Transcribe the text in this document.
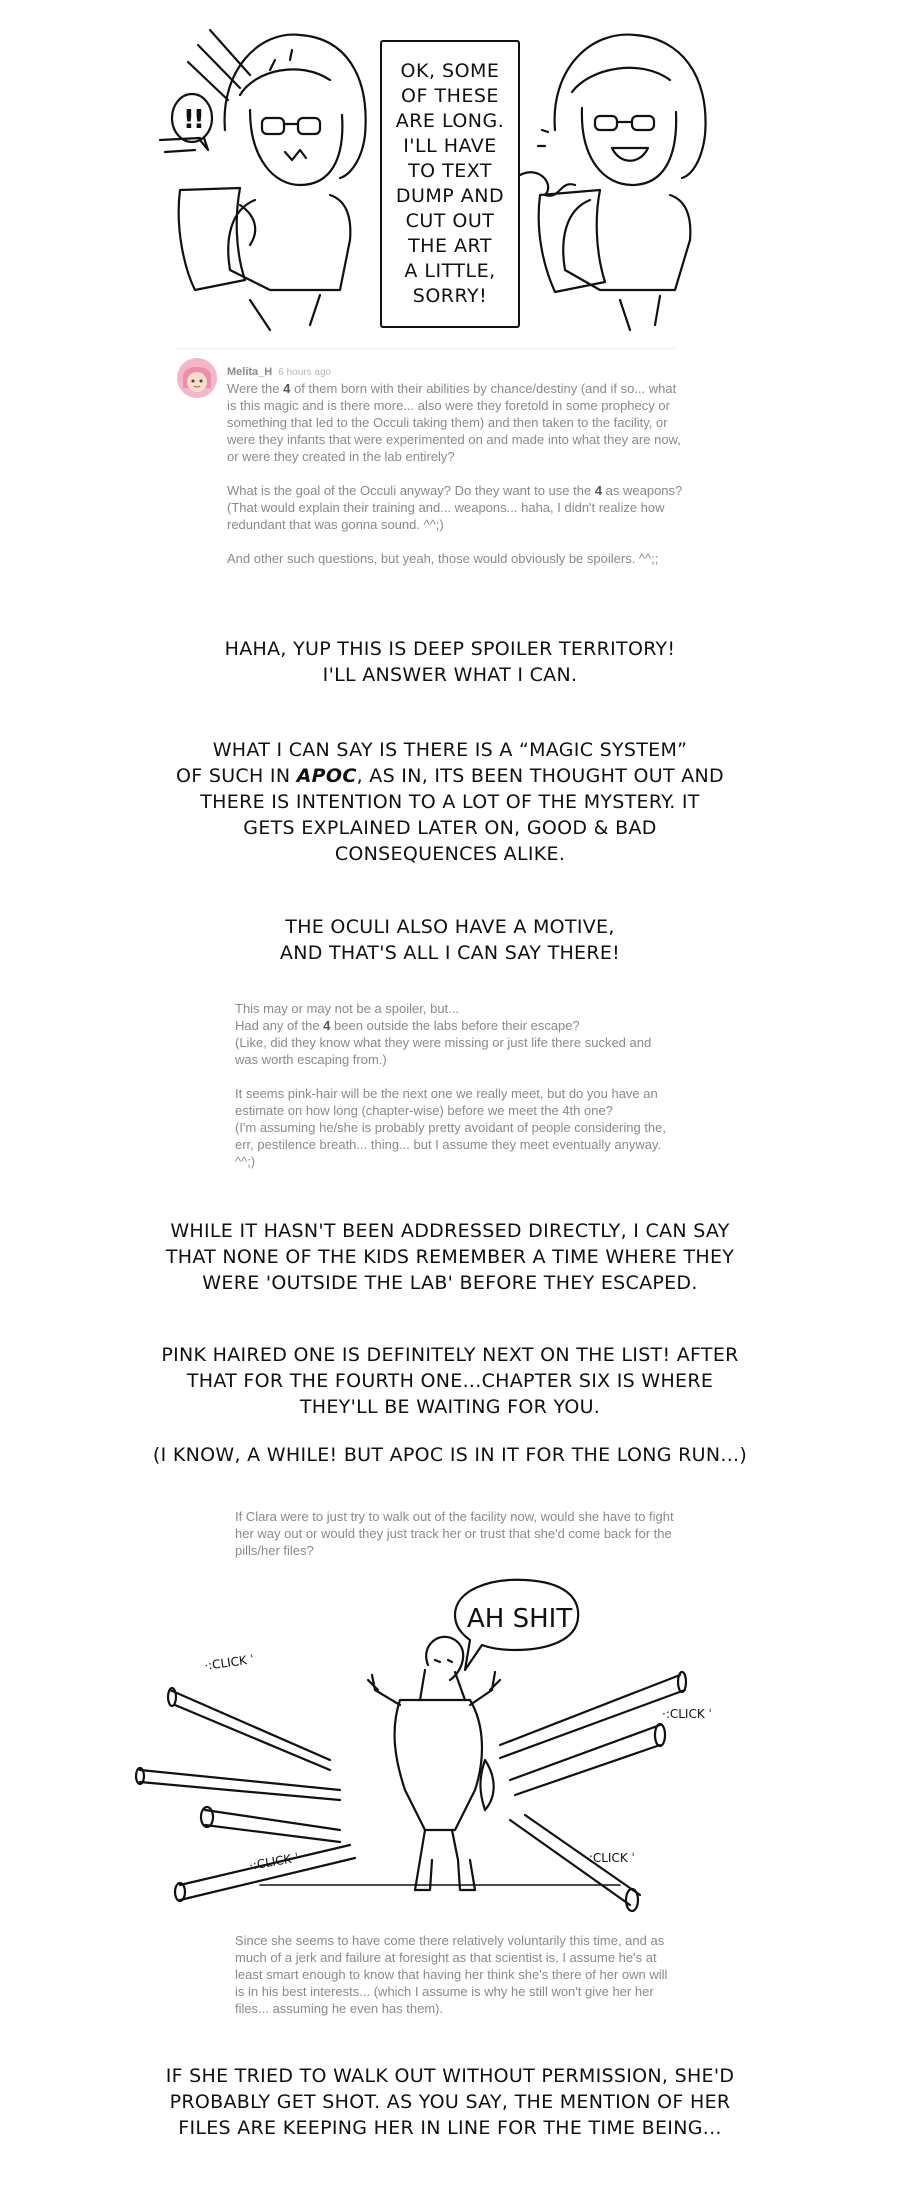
!
!
OK, SOME
OF THESE
ARE LONG.
I'LL HAVE
TO TEXT
DUMP AND
CUT OUT
THE ART
A LITTLE,
SORRY!
Melita_H 6 hours ago

Were the 4 of them born with their abilities by chance/destiny (and if so... what is this magic and is there more... also were they foretold in some prophecy or something that led to the Occuli taking them) and then taken to the facility, or were they infants that were experimented on and made into what they are now, or were they created in the lab entirely?

What is the goal of the Occuli anyway? Do they want to use the 4 as weapons? (That would explain their training and... weapons... haha, I didn't realize how redundant that was gonna sound. ^^;)

And other such questions, but yeah, those would obviously be spoilers. ^^;;

HAHA, YUP THIS IS DEEP SPOILER TERRITORY!

I'LL ANSWER WHAT I CAN.

WHAT I CAN SAY IS THERE IS A “MAGIC SYSTEM”

OF SUCH IN APOC, AS IN, ITS BEEN THOUGHT OUT AND

THERE IS INTENTION TO A LOT OF THE MYSTERY. IT

GETS EXPLAINED LATER ON, GOOD & BAD

CONSEQUENCES ALIKE.

THE OCULI ALSO HAVE A MOTIVE,

AND THAT'S ALL I CAN SAY THERE!

This may or may not be a spoiler, but...
Had any of the 4 been outside the labs before their escape?
(Like, did they know what they were missing or just life there sucked and was worth escaping from.)

It seems pink-hair will be the next one we really meet, but do you have an estimate on how long (chapter-wise) before we meet the 4th one?
(I'm assuming he/she is probably pretty avoidant of people considering the, err, pestilence breath... thing... but I assume they meet eventually anyway. ^^;)

WHILE IT HASN'T BEEN ADDRESSED DIRECTLY, I CAN SAY

THAT NONE OF THE KIDS REMEMBER A TIME WHERE THEY

WERE 'OUTSIDE THE LAB' BEFORE THEY ESCAPED.

PINK HAIRED ONE IS DEFINITELY NEXT ON THE LIST! AFTER

THAT FOR THE FOURTH ONE...CHAPTER SIX IS WHERE

THEY'LL BE WAITING FOR YOU.

(I KNOW, A WHILE! BUT APOC IS IN IT FOR THE LONG RUN...)

If Clara were to just try to walk out of the facility now, would she have to fight her way out or would they just track her or trust that she'd come back for the pills/her files?

AH SHIT
·:CLICK ˈ
·:CLICK ˈ
·:CLICK ˈ	·:CLICK ˈ

Since she seems to have come there relatively voluntarily this time, and as much of a jerk and failure at foresight as that scientist is, I assume he's at least smart enough to know that having her think she's there of her own will is in his best interests... (which I assume is why he still won't give her her files... assuming he even has them).

IF SHE TRIED TO WALK OUT WITHOUT PERMISSION, SHE'D

PROBABLY GET SHOT. AS YOU SAY, THE MENTION OF HER

FILES ARE KEEPING HER IN LINE FOR THE TIME BEING...
